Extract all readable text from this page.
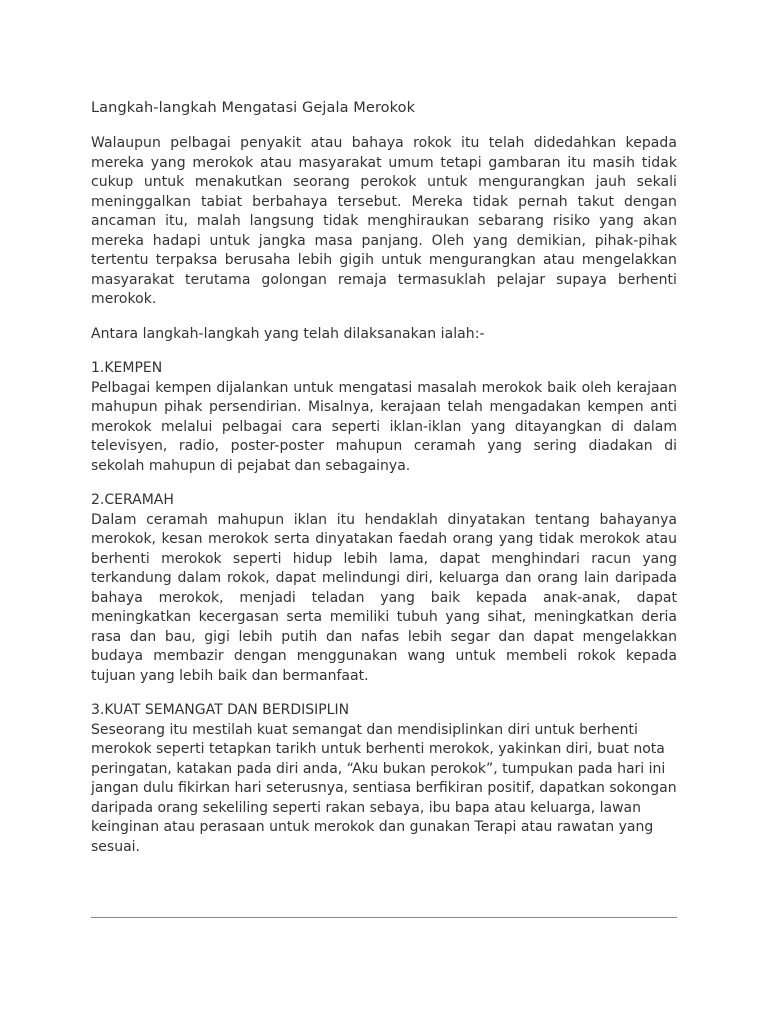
Langkah-langkah Mengatasi Gejala Merokok

Walaupun pelbagai penyakit atau bahaya rokok itu telah didedahkan kepada mereka yang merokok atau masyarakat umum tetapi gambaran itu masih tidak cukup untuk menakutkan seorang perokok untuk mengurangkan jauh sekali meninggalkan tabiat berbahaya tersebut. Mereka tidak pernah takut dengan ancaman itu, malah langsung tidak menghiraukan sebarang risiko yang akan mereka hadapi untuk jangka masa panjang. Oleh yang demikian, pihak-pihak tertentu terpaksa berusaha lebih gigih untuk mengurangkan atau mengelakkan masyarakat terutama golongan remaja termasuklah pelajar supaya berhenti merokok.

Antara langkah-langkah yang telah dilaksanakan ialah:-

1.KEMPEN

Pelbagai kempen dijalankan untuk mengatasi masalah merokok baik oleh kerajaan mahupun pihak persendirian. Misalnya, kerajaan telah mengadakan kempen anti merokok melalui pelbagai cara seperti iklan-iklan yang ditayangkan di dalam televisyen, radio, poster-poster mahupun ceramah yang sering diadakan di sekolah mahupun di pejabat dan sebagainya.

2.CERAMAH

Dalam ceramah mahupun iklan itu hendaklah dinyatakan tentang bahayanya merokok, kesan merokok serta dinyatakan faedah orang yang tidak merokok atau berhenti merokok seperti hidup lebih lama, dapat menghindari racun yang terkandung dalam rokok, dapat melindungi diri, keluarga dan orang lain daripada bahaya merokok, menjadi teladan yang baik kepada anak-anak, dapat meningkatkan kecergasan serta memiliki tubuh yang sihat, meningkatkan deria rasa dan bau, gigi lebih putih dan nafas lebih segar dan dapat mengelakkan budaya membazir dengan menggunakan wang untuk membeli rokok kepada tujuan yang lebih baik dan bermanfaat.

3.KUAT SEMANGAT DAN BERDISIPLIN

Seseorang itu mestilah kuat semangat dan mendisiplinkan diri untuk berhenti merokok seperti tetapkan tarikh untuk berhenti merokok, yakinkan diri, buat nota peringatan, katakan pada diri anda, “Aku bukan perokok”, tumpukan pada hari ini jangan dulu fikirkan hari seterusnya, sentiasa berfikiran positif, dapatkan sokongan daripada orang sekeliling seperti rakan sebaya, ibu bapa atau keluarga, lawan keinginan atau perasaan untuk merokok dan gunakan Terapi atau rawatan yang sesuai.
